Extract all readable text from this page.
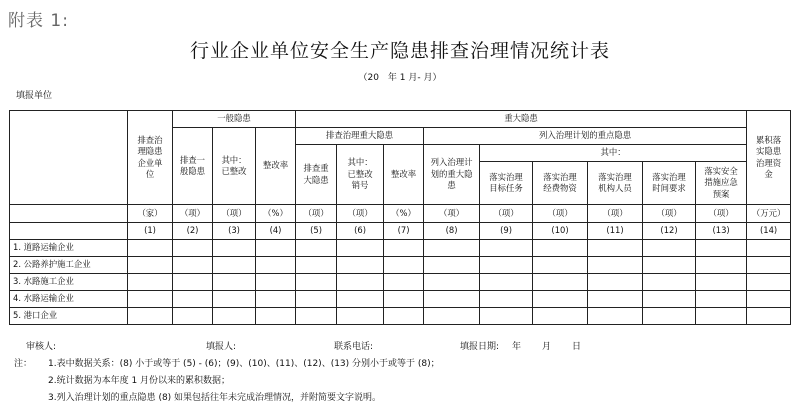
附表 1:
行业企业单位安全生产隐患排查治理情况统计表
（20　年 1 月- 月）
填报单位

	排查治理隐患企业单位	一般隐患			重大隐患									累积落实隐患治理资金

		排查一般隐患	其中：已整改	整改率	排查治理重大隐患			列入治理计划的重点隐患						

					排查重大隐患	其中：已整改销号	整改率	列入治理计划的重大隐患	其中：					

									落实治理目标任务	落实治理经费物资	落实治理机构人员	落实治理时间要求	落实安全措施应急预案	

	（家）	（项）	（项）	（%）	（项）	（项）	（%）	（项）	（项）	（项）	（项）	（项）	（项）	（万元）
	(1)	(2)	(3)	(4)	(5)	(6)	(7)	(8)	(9)	(10)	(11)	(12)	(13)	(14)
1. 道路运输企业														
2. 公路养护施工企业														
3. 水路施工企业														
4. 水路运输企业														
5. 港口企业														
审核人:	填报人:	联系电话:	填报日期: 年 月 日
注： 1.表中数据关系：(8) 小于或等于 (5) - (6)；(9)、(10)、(11)、(12)、(13) 分别小于或等于 (8)；
2.统计数据为本年度 1 月份以来的累积数据；
3.列入治理计划的重点隐患 (8) 如果包括往年未完成治理情况，并附简要文字说明。
